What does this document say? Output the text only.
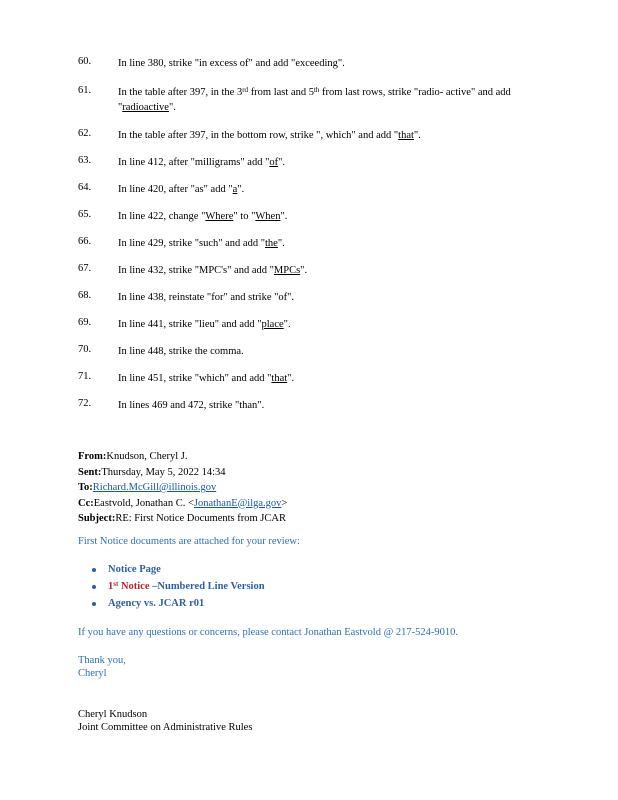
60.	In line 380, strike "in excess of" and add "exceeding".
61.	In the table after 397, in the 3rd from last and 5th from last rows, strike "radio- active" and add "radioactive".
62.	In the table after 397, in the bottom row, strike ", which" and add "that".
63.	In line 412, after "milligrams" add "of".
64.	In line 420, after "as" add "a".
65.	In line 422, change "Where" to "When".
66.	In line 429, strike "such" and add "the".
67.	In line 432, strike "MPC's" and add "MPCs".
68.	In line 438, reinstate "for" and strike "of".
69.	In line 441, strike "lieu" and add "place".
70.	In line 448, strike the comma.
71.	In line 451, strike "which" and add "that".
72.	In lines 469 and 472, strike "than".
From:Knudson, Cheryl J.
Sent:Thursday, May 5, 2022 14:34
To:Richard.McGill@illinois.gov
Cc:Eastvold, Jonathan C. <JonathanE@ilga.gov>
Subject:RE: First Notice Documents from JCAR
First Notice documents are attached for your review:
Notice Page
1st Notice –Numbered Line Version
Agency vs. JCAR r01
If you have any questions or concerns, please contact Jonathan Eastvold @ 217-524-9010.
Thank you,
Cheryl
Cheryl Knudson
Joint Committee on Administrative Rules
